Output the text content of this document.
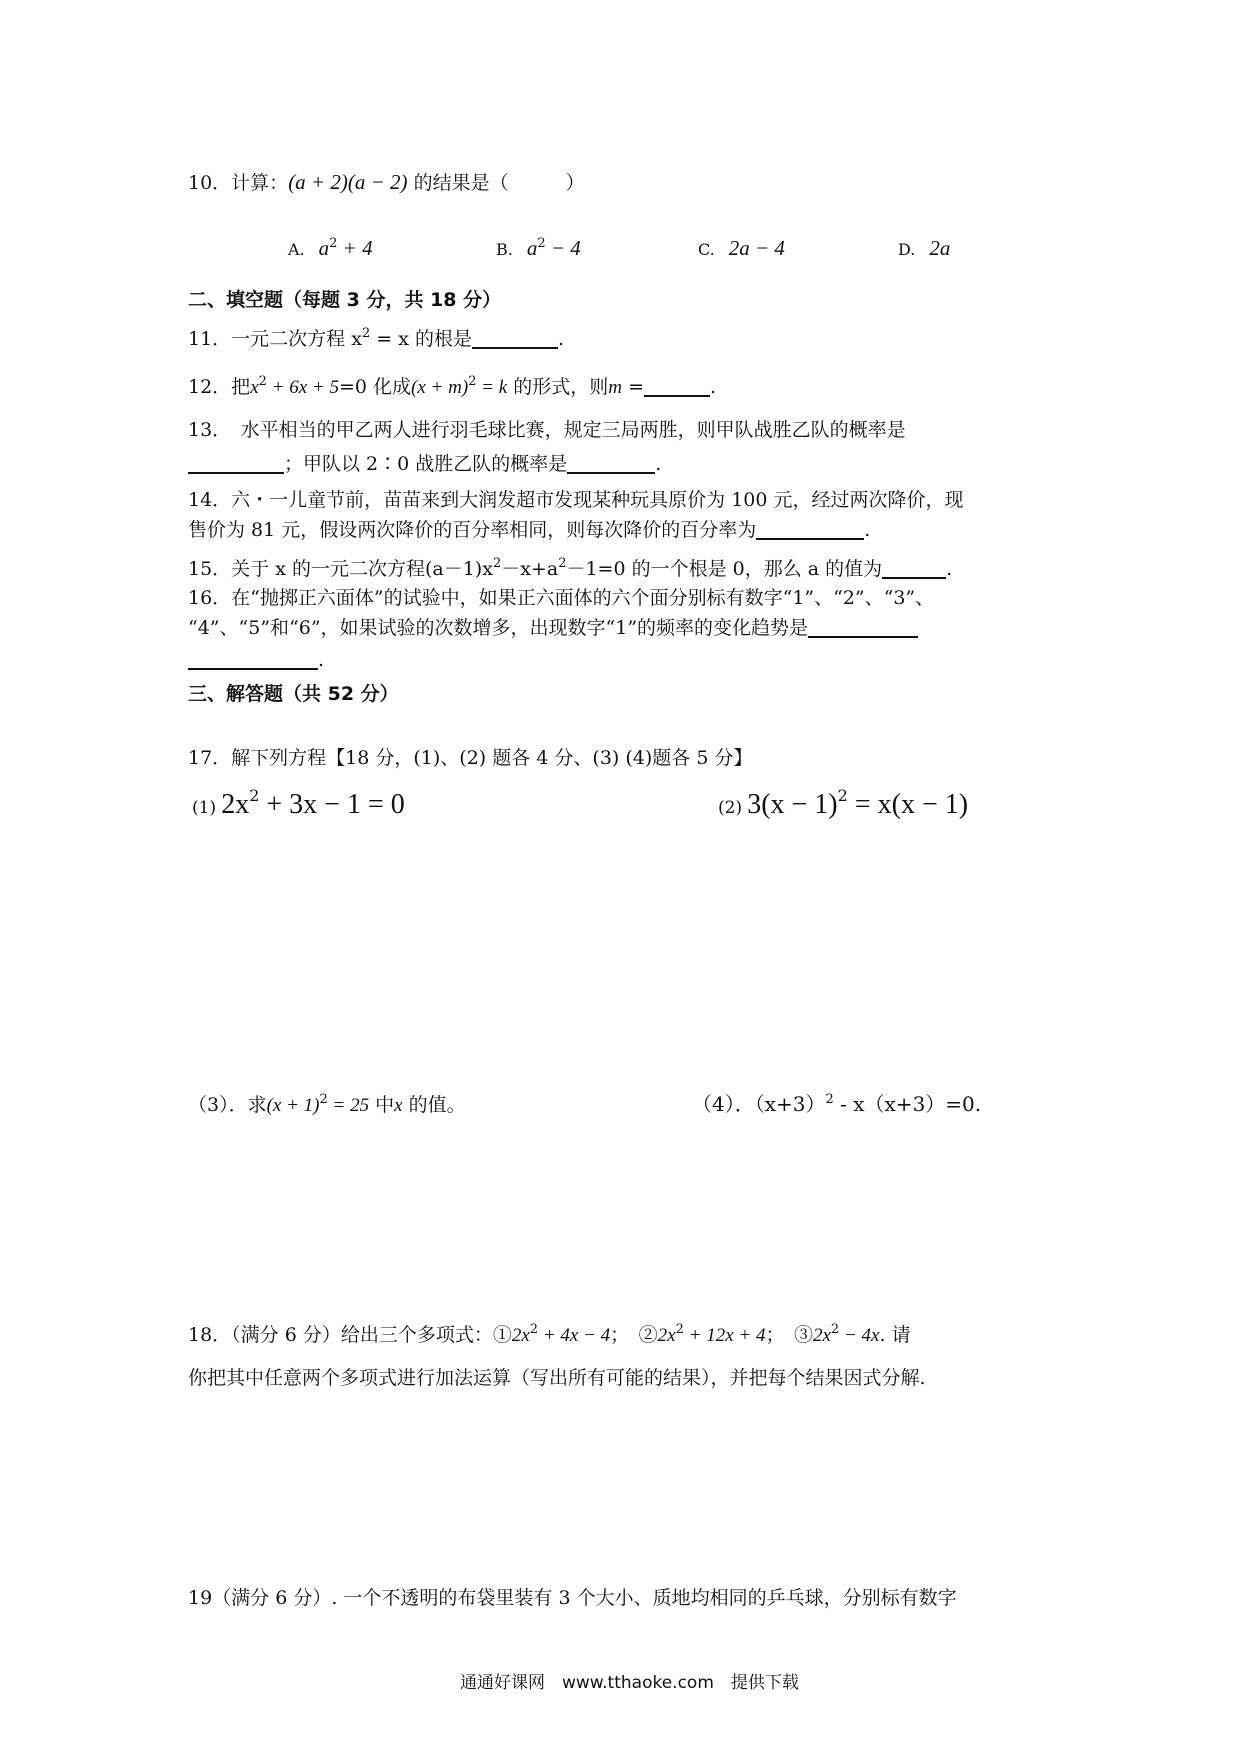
10．计算：(a + 2)(a − 2) 的结果是（　　　）
A. $a^2 + 4$	B. $a^2 - 4$	C. 2a − 4	D. 2a
二、填空题（每题 3 分，共 18 分）
11．一元二次方程 $x^2 = x$ 的根是	.
12．把$x^2 + 6x + 5=0$ 化成$(x + m)^2 = k$ 的形式，则m =	.
13．　水平相当的甲乙两人进行羽毛球比赛，规定三局两胜，则甲队战胜乙队的概率是
；甲队以 2∶0 战胜乙队的概率是	.
14．六・一儿童节前，苗苗来到大润发超市发现某种玩具原价为 100 元，经过两次降价，现
售价为 81 元，假设两次降价的百分率相同，则每次降价的百分率为	.
15．关于 x 的一元二次方程$(a-1)x^2-x+a^2-1=0$ 的一个根是 0，那么 a 的值为	.
16．在“抛掷正六面体”的试验中，如果正六面体的六个面分别标有数字“1”、“2”、“3”、
“4”、“5”和“6”，如果试验的次数增多，出现数字“1”的频率的变化趋势是
.
三、解答题（共 52 分）
17．解下列方程【18 分，(1)、(2) 题各 4 分、(3) (4)题各 5 分】
(1) 2x2 + 3x − 1 = 0	(2) 3(x − 1)2 = x(x − 1)
（3）．求$(x + 1)^2 = 25$ 中x 的值。	（4）．$(x+3)^2 - x(x+3)=0$.
18．（满分 6 分）给出三个多项式：$①2x^2 + 4x - 4$；　$②2x^2 + 12x + 4$；　$③2x^2 - 4x$. 请
你把其中任意两个多项式进行加法运算（写出所有可能的结果），并把每个结果因式分解.
19（满分 6 分）. 一个不透明的布袋里装有 3 个大小、质地均相同的乒乓球，分别标有数字
通通好课网　www.tthaoke.com　提供下载
